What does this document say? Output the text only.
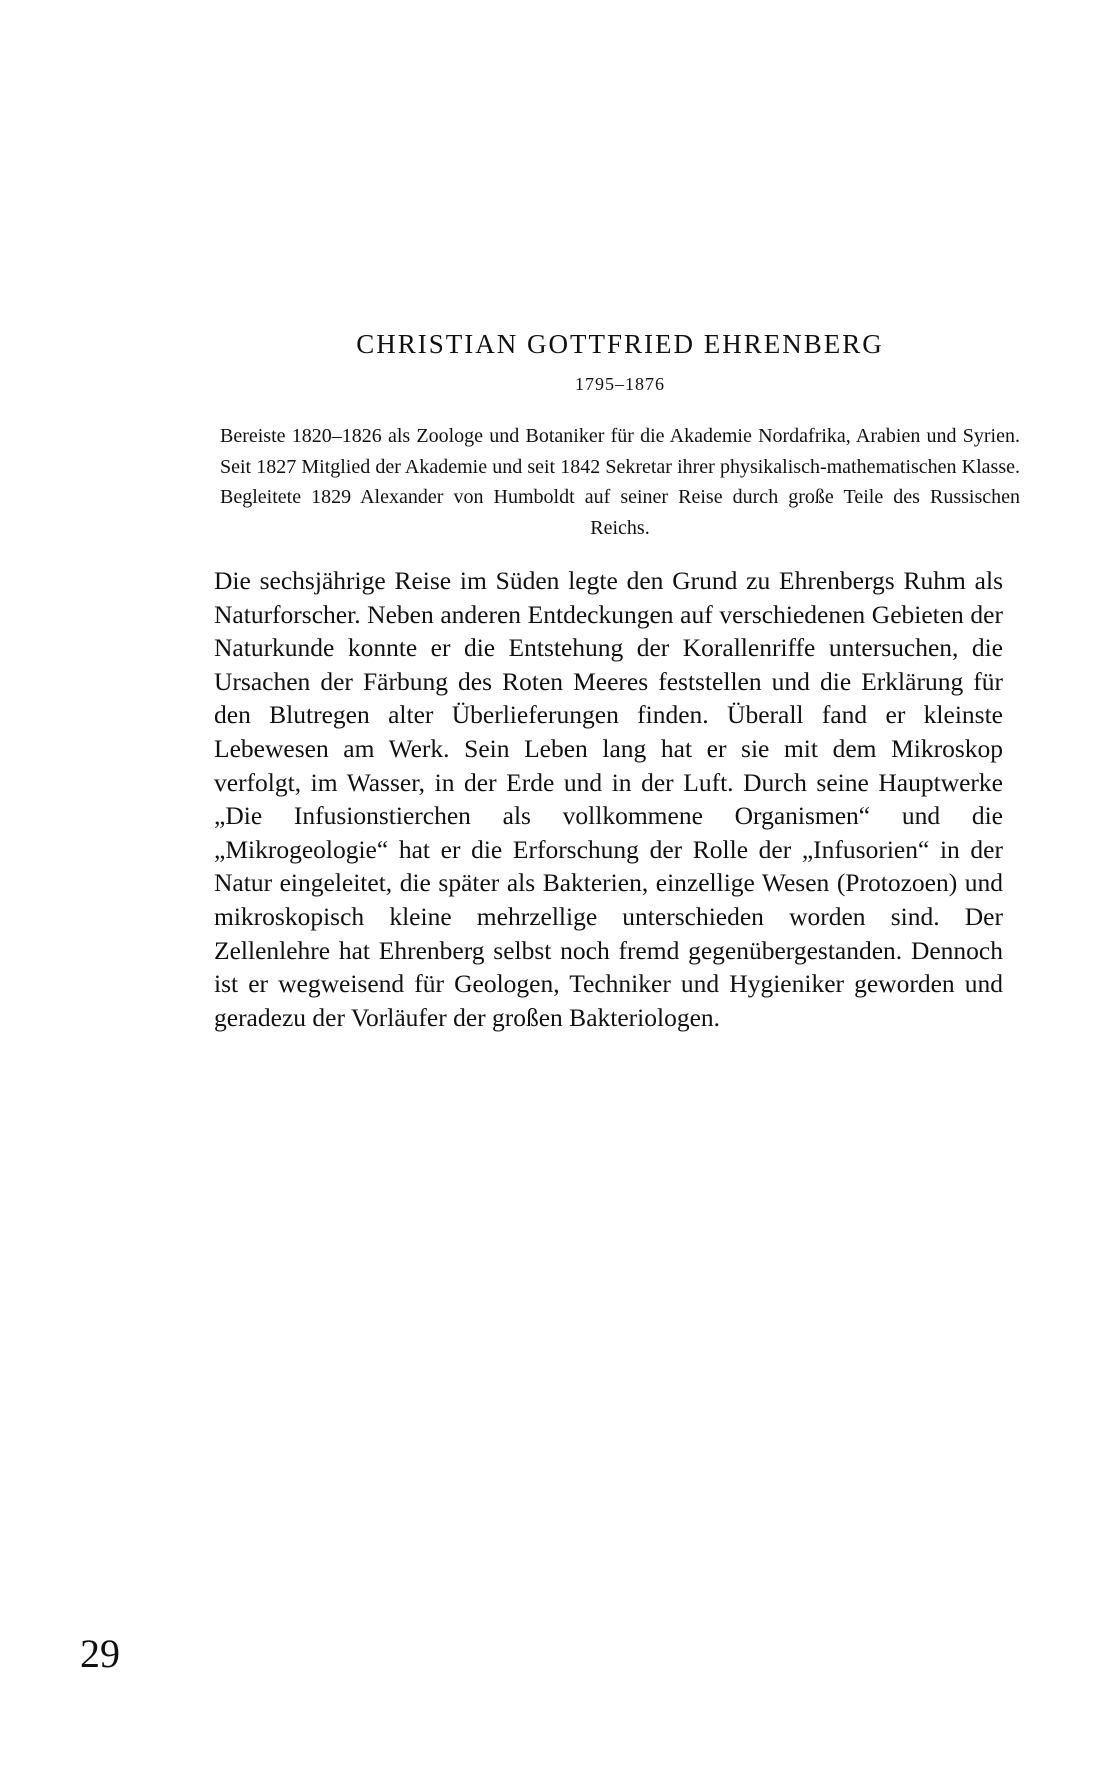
CHRISTIAN GOTTFRIED EHRENBERG
1795–1876

Bereiste 1820–1826 als Zoologe und Botaniker für die Akademie Nordafrika, Arabien und Syrien. Seit 1827 Mitglied der Akademie und seit 1842 Sekretar ihrer physikalisch-mathematischen Klasse. Begleitete 1829 Alexander von Humboldt auf seiner Reise durch große Teile des Russischen Reichs.

Die sechsjährige Reise im Süden legte den Grund zu Ehrenbergs Ruhm als Naturforscher. Neben anderen Entdeckungen auf verschiedenen Gebieten der Naturkunde konnte er die Entstehung der Korallenriffe untersuchen, die Ursachen der Färbung des Roten Meeres feststellen und die Erklärung für den Blutregen alter Überlieferungen finden. Überall fand er kleinste Lebewesen am Werk. Sein Leben lang hat er sie mit dem Mikroskop verfolgt, im Wasser, in der Erde und in der Luft. Durch seine Hauptwerke „Die Infusionstierchen als vollkommene Organismen“ und die „Mikrogeologie“ hat er die Erforschung der Rolle der „Infusorien“ in der Natur eingeleitet, die später als Bakterien, einzellige Wesen (Protozoen) und mikroskopisch kleine mehrzellige unterschieden worden sind. Der Zellenlehre hat Ehrenberg selbst noch fremd gegenübergestanden. Dennoch ist er wegweisend für Geologen, Techniker und Hygieniker geworden und geradezu der Vorläufer der großen Bakteriologen.

29
